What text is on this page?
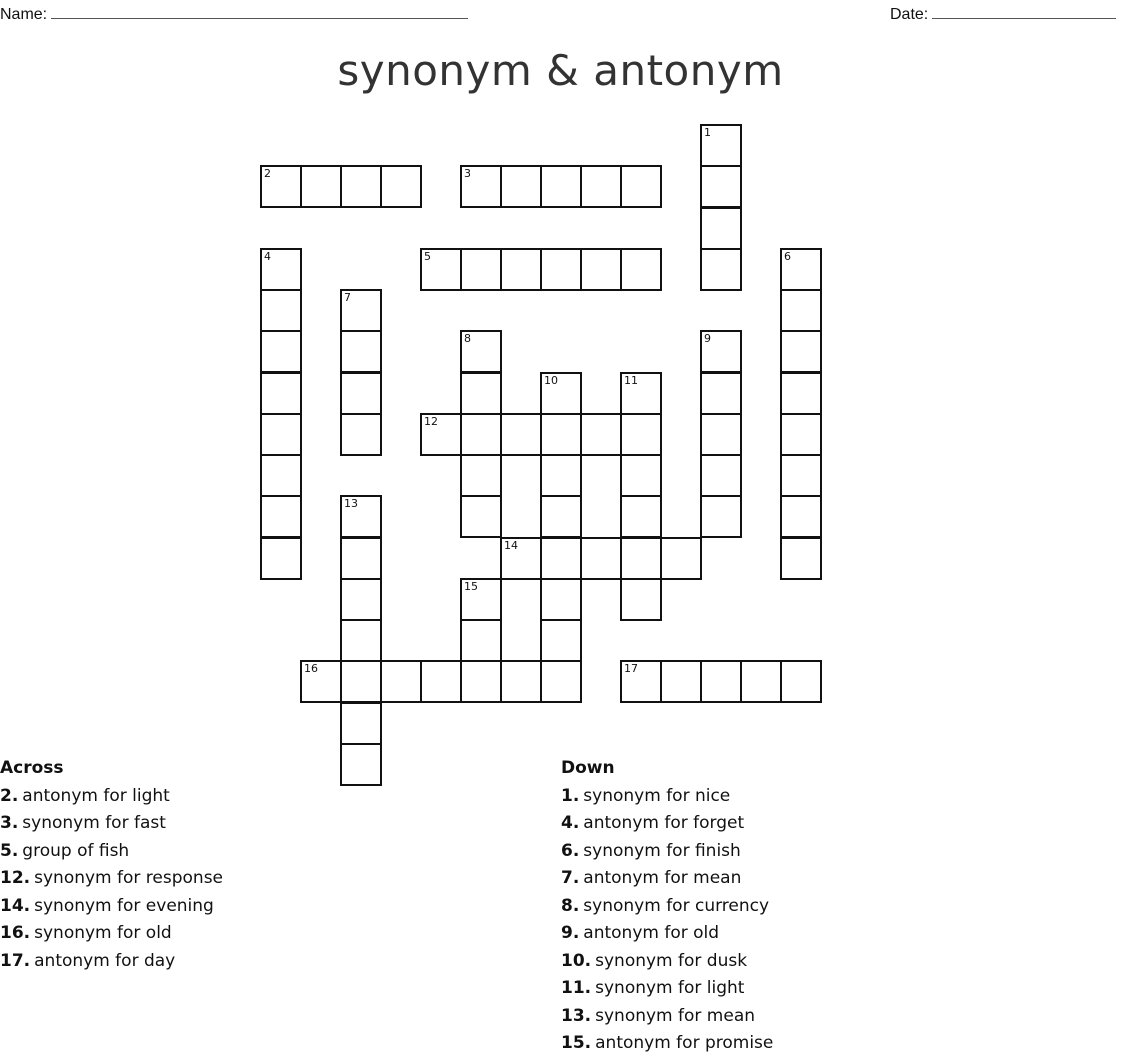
Name:	Date:
synonym & antonym
1
2	3
4	5	6
7
8	9
10	11
12
13
14
15
16	17
Across
2. antonym for light
3. synonym for fast
5. group of fish
12. synonym for response
14. synonym for evening
16. synonym for old
17. antonym for day
Down
1. synonym for nice
4. antonym for forget
6. synonym for finish
7. antonym for mean
8. synonym for currency
9. antonym for old
10. synonym for dusk
11. synonym for light
13. synonym for mean
15. antonym for promise
